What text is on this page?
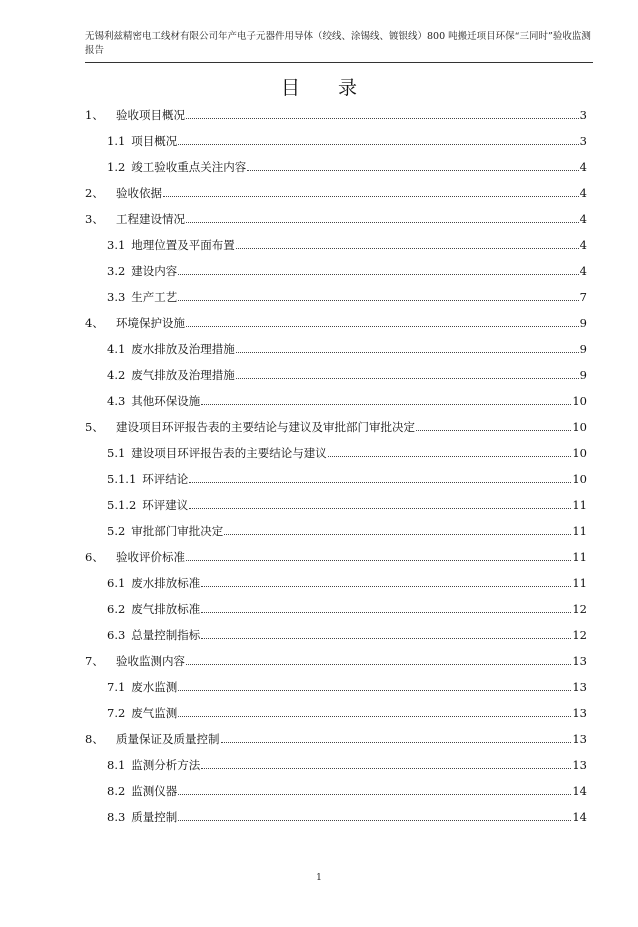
无锡利兹精密电工线材有限公司年产电子元器件用导体（绞线、涂锡线、镀银线）800 吨搬迁项目环保“三同时”验收监测报告
目 录
1、	验收项目概况	3
1.1 项目概况	3
1.2 竣工验收重点关注内容	4
2、	验收依据	4
3、	工程建设情况	4
3.1 地理位置及平面布置	4
3.2 建设内容	4
3.3 生产工艺	7
4、	环境保护设施	9
4.1 废水排放及治理措施	9
4.2 废气排放及治理措施	9
4.3 其他环保设施	10
5、	建设项目环评报告表的主要结论与建议及审批部门审批决定	10
5.1 建设项目环评报告表的主要结论与建议	10
5.1.1 环评结论	10
5.1.2 环评建议	11
5.2 审批部门审批决定	11
6、	验收评价标准	11
6.1 废水排放标准	11
6.2 废气排放标准	12
6.3 总量控制指标	12
7、	验收监测内容	13
7.1 废水监测	13
7.2 废气监测	13
8、	质量保证及质量控制	13
8.1 监测分析方法	13
8.2 监测仪器	14
8.3 质量控制	14
1
